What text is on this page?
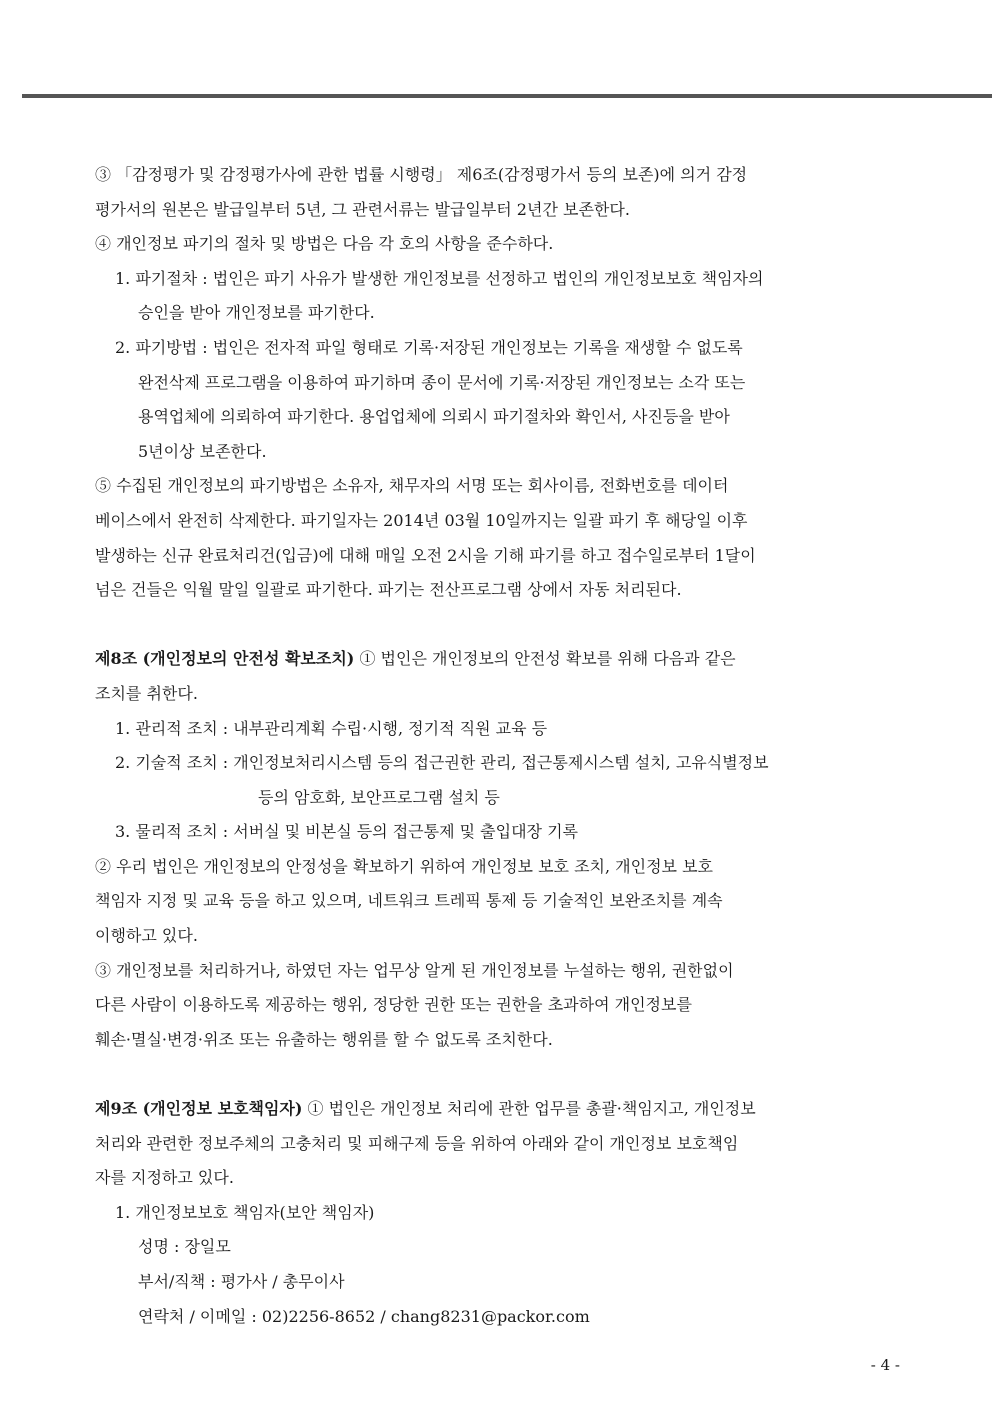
③ 「감정평가 및 감정평가사에 관한 법률 시행령」 제6조(감정평가서 등의 보존)에 의거 감정
평가서의 원본은 발급일부터 5년, 그 관련서류는 발급일부터 2년간 보존한다.
④ 개인정보 파기의 절차 및 방법은 다음 각 호의 사항을 준수하다.
1. 파기절차 : 법인은 파기 사유가 발생한 개인정보를 선정하고 법인의 개인정보보호 책임자의
승인을 받아 개인정보를 파기한다.
2. 파기방법 : 법인은 전자적 파일 형태로 기록·저장된 개인정보는 기록을 재생할 수 없도록
완전삭제 프로그램을 이용하여 파기하며 종이 문서에 기록·저장된 개인정보는 소각 또는
용역업체에 의뢰하여 파기한다. 용업업체에 의뢰시 파기절차와 확인서, 사진등을 받아
5년이상 보존한다.
⑤ 수집된 개인정보의 파기방법은 소유자, 채무자의 서명 또는 회사이름, 전화번호를 데이터
베이스에서 완전히 삭제한다. 파기일자는 2014년 03월 10일까지는 일괄 파기 후 해당일 이후
발생하는 신규 완료처리건(입금)에 대해 매일 오전 2시을 기해 파기를 하고 접수일로부터 1달이
넘은 건들은 익월 말일 일괄로 파기한다. 파기는 전산프로그램 상에서 자동 처리된다.
제8조 (개인정보의 안전성 확보조치) ① 법인은 개인정보의 안전성 확보를 위해 다음과 같은
조치를 취한다.
1. 관리적 조치 : 내부관리계획 수립·시행, 정기적 직원 교육 등
2. 기술적 조치 : 개인정보처리시스템 등의 접근권한 관리, 접근통제시스템 설치, 고유식별정보
등의 암호화, 보안프로그램 설치 등
3. 물리적 조치 : 서버실 및 비본실 등의 접근통제 및 출입대장 기록
② 우리 법인은 개인정보의 안정성을 확보하기 위하여 개인정보 보호 조치, 개인정보 보호
책임자 지정 및 교육 등을 하고 있으며, 네트워크 트레픽 통제 등 기술적인 보완조치를 계속
이행하고 있다.
③ 개인정보를 처리하거나, 하였던 자는 업무상 알게 된 개인정보를 누설하는 행위, 권한없이
다른 사람이 이용하도록 제공하는 행위, 정당한 권한 또는 권한을 초과하여 개인정보를
훼손·멸실·변경·위조 또는 유출하는 행위를 할 수 없도록 조치한다.
제9조 (개인정보 보호책임자) ① 법인은 개인정보 처리에 관한 업무를 총괄·책임지고, 개인정보
처리와 관련한 정보주체의 고충처리 및 피해구제 등을 위하여 아래와 같이 개인정보 보호책임
자를 지정하고 있다.
1. 개인정보보호 책임자(보안 책임자)
성명 : 장일모
부서/직책 : 평가사 / 총무이사
연락처 / 이메일 : 02)2256-8652 / chang8231@packor.com
- 4 -
